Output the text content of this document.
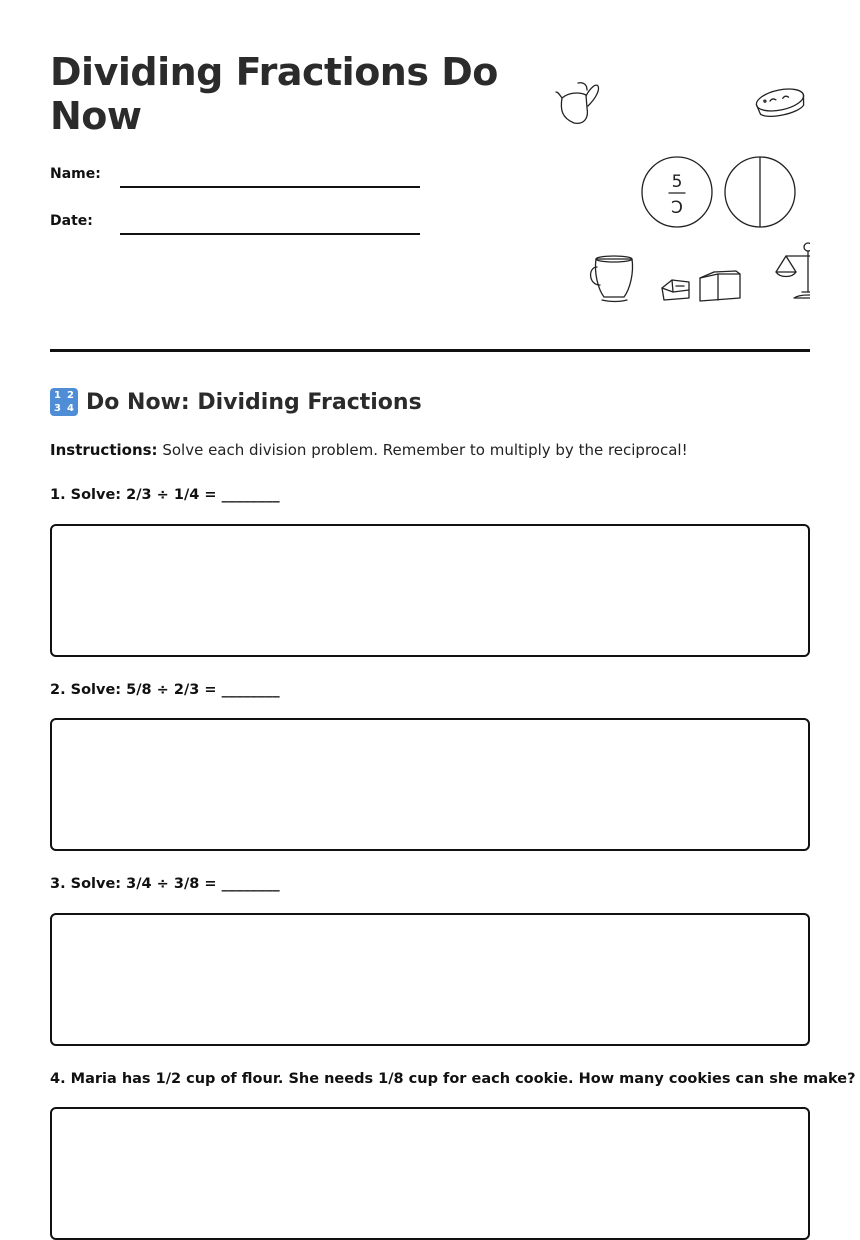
Dividing Fractions Do Now
Name:
Date:
5
Ɔ
1 2
3 4 Do Now: Dividing Fractions
Instructions: Solve each division problem. Remember to multiply by the reciprocal!
1. Solve: 2/3 ÷ 1/4 = ________
2. Solve: 5/8 ÷ 2/3 = ________
3. Solve: 3/4 ÷ 3/8 = ________
4. Maria has 1/2 cup of flour. She needs 1/8 cup for each cookie. How many cookies can she make?
